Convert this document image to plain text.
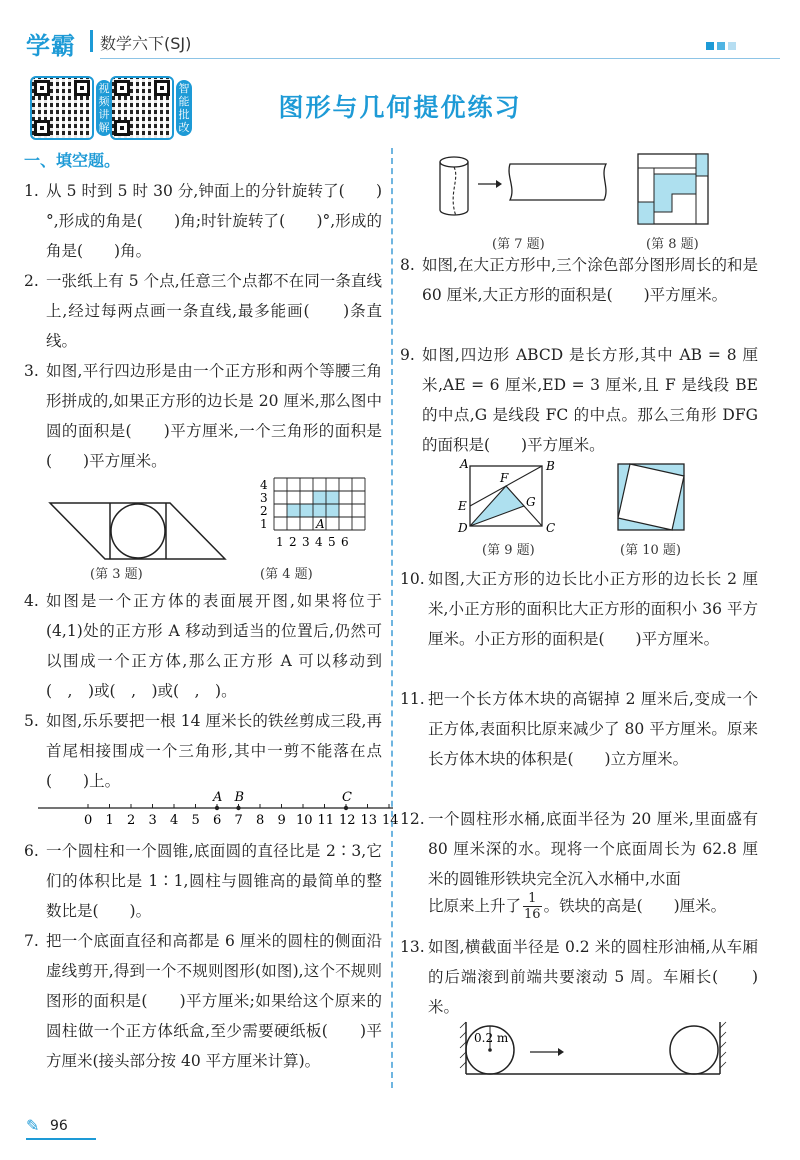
学霸 数学六下(SJ)
视频讲解
智能批改
图形与几何提优练习
一、填空题。
1. 从 5 时到 5 时 30 分,钟面上的分针旋转了(　　)°,形成的角是(　　)角;时针旋转了(　　)°,形成的角是(　　)角。
2. 一张纸上有 5 个点,任意三个点都不在同一条直线上,经过每两点画一条直线,最多能画(　　)条直线。
3. 如图,平行四边形是由一个正方形和两个等腰三角形拼成的,如果正方形的边长是 20 厘米,那么图中圆的面积是(　　)平方厘米,一个三角形的面积是(　　)平方厘米。
(第 3 题)
4
3
2
1
1 2 3 4 5 6
A
(第 4 题)
4. 如图是一个正方体的表面展开图,如果将位于(4,1)处的正方形 A 移动到适当的位置后,仍然可以围成一个正方体,那么正方形 A 可以移动到(　,　)或(　,　)或(　,　)。
5. 如图,乐乐要把一根 14 厘米长的铁丝剪成三段,再首尾相接围成一个三角形,其中一剪不能落在点(　　)上。
0 1 2 3 4 5 6 7 8 9 10 11 12 13 14
A B	C
6. 一个圆柱和一个圆锥,底面圆的直径比是 2∶3,它们的体积比是 1∶1,圆柱与圆锥高的最简单的整数比是(　　)。
7. 把一个底面直径和高都是 6 厘米的圆柱的侧面沿虚线剪开,得到一个不规则图形(如图),这个不规则图形的面积是(　　)平方厘米;如果给这个原来的圆柱做一个正方体纸盒,至少需要硬纸板(　　)平方厘米(接头部分按 40 平方厘米计算)。
(第 7 题)	(第 8 题)
8. 如图,在大正方形中,三个涂色部分图形周长的和是 60 厘米,大正方形的面积是(　　)平方厘米。
9. 如图,四边形 ABCD 是长方形,其中 AB = 8 厘米,AE = 6 厘米,ED = 3 厘米,且 F 是线段 BE 的中点,G 是线段 FC 的中点。那么三角形 DFG 的面积是(　　)平方厘米。
A	B
C
D
E
F
G
(第 9 题)	(第 10 题)
10. 如图,大正方形的边长比小正方形的边长长 2 厘米,小正方形的面积比大正方形的面积小 36 平方厘米。小正方形的面积是(　　)平方厘米。
11. 把一个长方体木块的高锯掉 2 厘米后,变成一个正方体,表面积比原来减少了 80 平方厘米。原来长方体木块的体积是(　　)立方厘米。
12. 一个圆柱形水桶,底面半径为 20 厘米,里面盛有 80 厘米深的水。现将一个底面周长为 62.8 厘米的圆锥形铁块完全沉入水桶中,水面
比原来上升了 $\frac{1}{16}$ 。铁块的高是(　　)厘米。
13. 如图,横截面半径是 0.2 米的圆柱形油桶,从车厢的后端滚到前端共要滚动 5 周。车厢长(　　)米。
0.2 m
✎ 96
